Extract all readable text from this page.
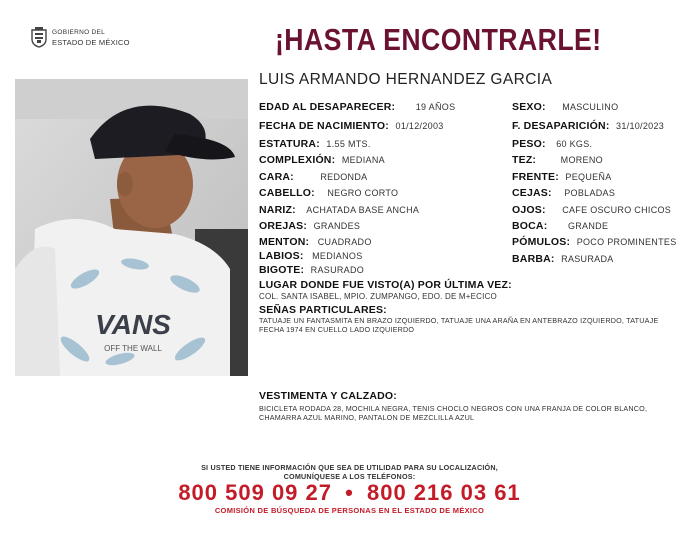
GOBIERNO DEL
ESTADO DE MÉXICO	¡HASTA ENCONTRARLE!
LUIS ARMANDO HERNANDEZ GARCIA
VANS
OFF THE WALL
EDAD AL DESAPARECER: 19 AÑOS
FECHA DE NACIMIENTO: 01/12/2003
ESTATURA: 1.55 MTS.
COMPLEXIÓN: MEDIANA
CARA:	REDONDA
CABELLO: NEGRO CORTO
NARIZ: ACHATADA BASE ANCHA
OREJAS: GRANDES
MENTON: CUADRADO
LABIOS: MEDIANOS
BIGOTE: RASURADO
SEXO: MASCULINO
F. DESAPARICIÓN: 31/10/2023
PESO: 60 KGS.
TEZ:	MORENO
FRENTE: PEQUEÑA
CEJAS: POBLADAS
OJOS: CAFE OSCURO CHICOS
BOCA: GRANDE
PÓMULOS: POCO PROMINENTES
BARBA: RASURADA
LUGAR DONDE FUE VISTO(A) POR ÚLTIMA VEZ:
COL. SANTA ISABEL, MPIO. ZUMPANGO, EDO. DE M+ECICO
SEÑAS PARTICULARES:
TATUAJE UN FANTASMITA EN BRAZO IZQUIERDO, TATUAJE UNA ARAÑA EN ANTEBRAZO IZQUIERDO, TATUAJE FECHA 1974 EN CUELLO LADO IZQUIERDO
VESTIMENTA Y CALZADO:
BICICLETA RODADA 28, MOCHILA NEGRA, TENIS CHOCLO NEGROS CON UNA FRANJA DE COLOR BLANCO, CHAMARRA AZUL MARINO, PANTALON DE MEZCLILLA AZUL
SI USTED TIENE INFORMACIÓN QUE SEA DE UTILIDAD PARA SU LOCALIZACIÓN,
COMUNÍQUESE A LOS TELÉFONOS:
800 509 09 27 • 800 216 03 61
COMISIÓN DE BÚSQUEDA DE PERSONAS EN EL ESTADO DE MÉXICO
